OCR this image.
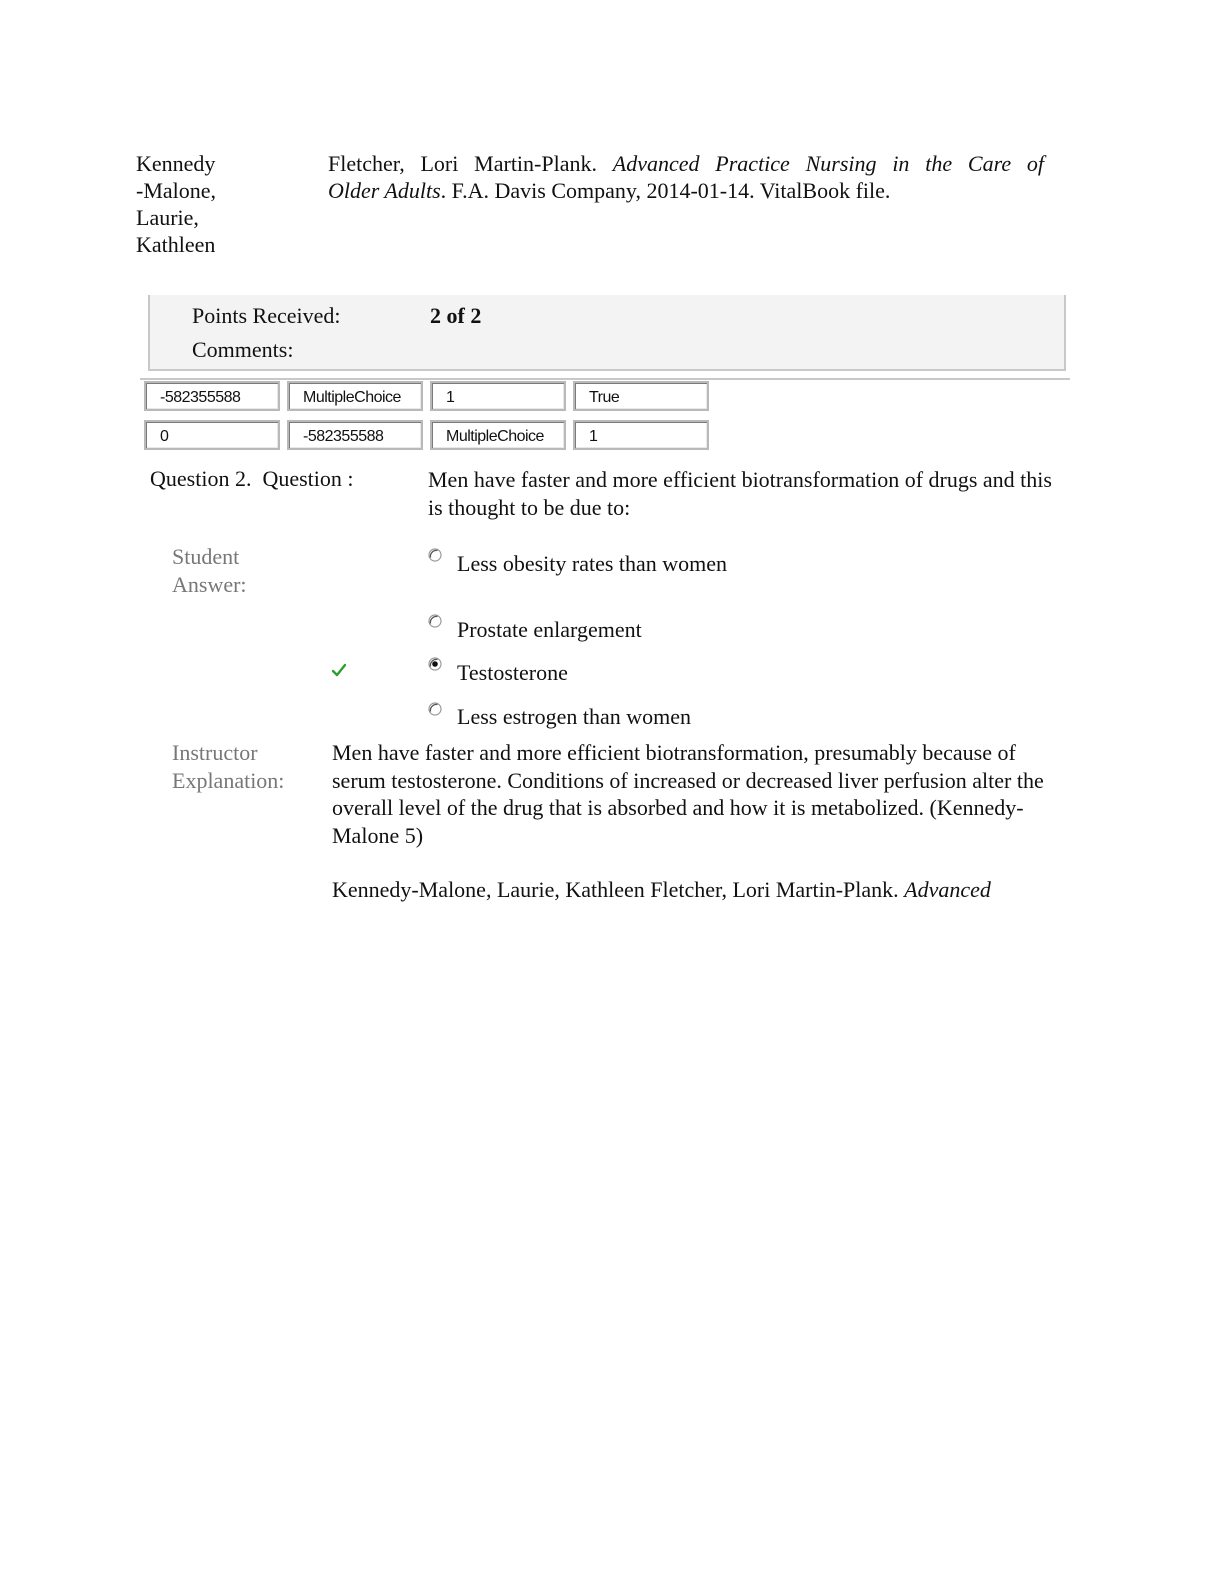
Kennedy
-Malone,
Laurie,
Kathleen
Fletcher, Lori Martin-Plank. Advanced Practice Nursing in the Care of
Older Adults. F.A. Davis Company, 2014-01-14. VitalBook file.
Points Received:	2 of 2
Comments:
-582355588	MultipleChoice	1	True
0	-582355588	MultipleChoice	1
Question 2.  Question :	Men have faster and more efficient biotransformation of drugs and this is thought to be due to:
Student
Answer:
Less obesity rates than women
Prostate enlargement
Testosterone
Less estrogen than women
Instructor
Explanation:
Men have faster and more efficient biotransformation, presumably because of serum testosterone. Conditions of increased or decreased liver perfusion alter the overall level of the drug that is absorbed and how it is metabolized. (Kennedy-Malone 5)
Kennedy-Malone, Laurie, Kathleen Fletcher, Lori Martin-Plank. Advanced
